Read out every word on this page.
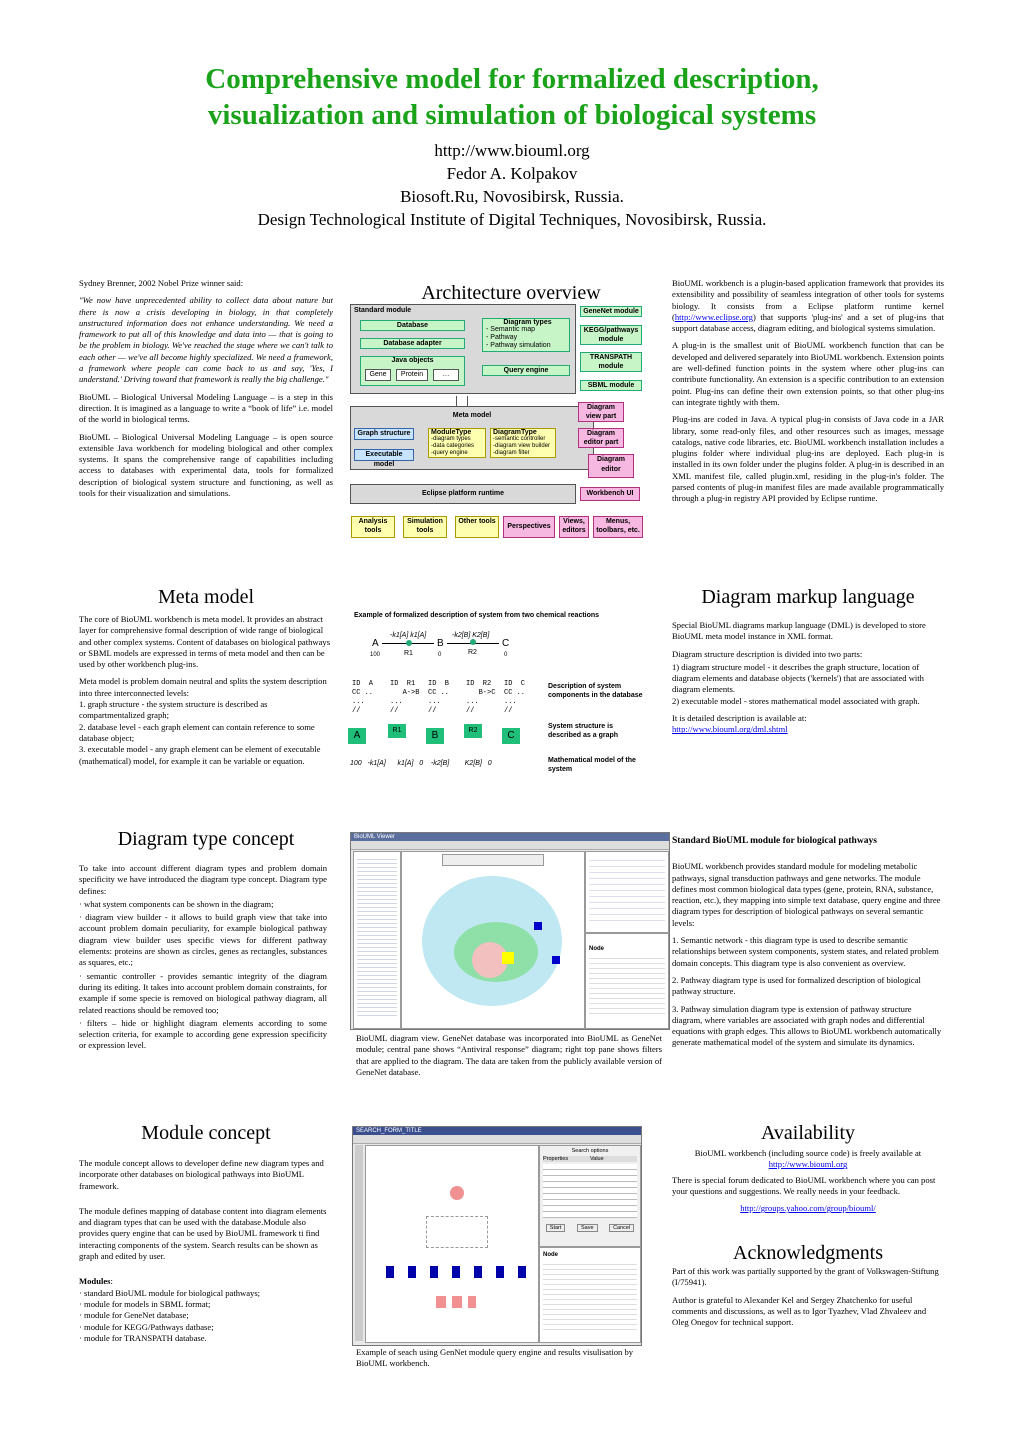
Comprehensive model for formalized description,
visualization and simulation of biological systems
http://www.biouml.org
Fedor A. Kolpakov
Biosoft.Ru, Novosibirsk, Russia.
Design Technological Institute of Digital Techniques, Novosibirsk, Russia.

Sydney Brenner, 2002 Nobel Prize winner said:

"We now have unprecedented ability to collect data about nature but there is now a crisis developing in biology, in that completely unstructured information does not enhance understanding. We need a framework to put all of this knowledge and data into — that is going to be the problem in biology. We've reached the stage where we can't talk to each other — we've all become highly specialized. We need a framework, a framework where people can come back to us and say, 'Yes, I understand.' Driving toward that framework is really the big challenge."

BioUML – Biological Universal Modeling Language – is a step in this direction. It is imagined as a language to write a “book of life” i.e. model of the world in biological terms.

BioUML – Biological Universal Modeling Language – is open source extensible Java workbench for modeling biological and other complex systems. It spans the comprehensive range of capabilities including access to databases with experimental data, tools for formalized description of biological system structure and functioning, as well as tools for their visualization and simulations.

Architecture overview
Standard module
Database
Database adapter
Java objects
Gene	Protein	…
Diagram types
- Semantic map
- Pathway
- Pathway simulation
Query engine
GeneNet module
KEGG/pathways module
TRANSPATH module
SBML module
Meta model
Graph structure
Executable model
ModuleType
-diagram types
-data categories
-query engine
DiagramType
-semantic controller
-diagram view builder
-diagram filter
Diagram view part
Diagram editor part
Diagram editor
Eclipse platform runtime	Workbench UI
Analysis tools
Simulation tools
Other tools
Perspectives
Views, editors
Menus, toolbars, etc.

BioUML workbench is a plugin-based application framework that provides its extensibility and possibility of seamless integration of other tools for systems biology. It consists from a Eclipse platform runtime kernel (http://www.eclipse.org) that supports 'plug-ins' and a set of plug-ins that support database access, diagram editing, and biological systems simulation.

A plug-in is the smallest unit of BioUML workbench function that can be developed and delivered separately into BioUML workbench. Extension points are well-defined function points in the system where other plug-ins can contribute functionality. An extension is a specific contribution to an extension point. Plug-ins can define their own extension points, so that other plug-ins can integrate tightly with them.

Plug-ins are coded in Java. A typical plug-in consists of Java code in a JAR library, some read-only files, and other resources such as images, message catalogs, native code libraries, etc. BioUML workbench installation includes a plugins folder where individual plug-ins are deployed. Each plug-in is installed in its own folder under the plugins folder. A plug-in is described in an XML manifest file, called plugin.xml, residing in the plug-in's folder. The parsed contents of plug-in manifest files are made available programmatically through a plug-in registry API provided by Eclipse runtime.

Meta model

The core of BioUML workbench is meta model. It provides an abstract layer for comprehensive formal description of wide range of biological and other complex systems. Content of databases on biological pathways or SBML models are expressed in terms of meta model and then can be used by other workbench plug-ins.

Meta model is problem domain neutral and splits the system description into three interconnected levels:
1. graph structure - the system structure is described as compartmentalized graph;
2. database level - each graph element can contain reference to some database object;
3. executable model - any graph element can be element of executable (mathematical) model, for example it can be variable or equation.
Example of formalized description of system from two chemical reactions
-k1[A] k1[A]	-k2[B] K2[B]
A	B	C
R1	R2
100	0	0
ID  A
CC ..
...
//
ID  R1
A->B
...
//
ID  B
CC ..
...
//
ID  R2
B->C
...
//
ID  C
CC ..
...
//
Description of system components in the database
A	R1	B	R2	C
System structure is described as a graph
100   -k1[A]      k1[A]   0    -k2[B]        K2[B]   0	Mathematical model of the system
Diagram markup language

Special BioUML diagrams markup language (DML) is developed to store BioUML meta model instance in XML format.

Diagram structure description is divided into two parts:

1) diagram structure model - it describes the graph structure, location of diagram elements and database objects ('kernels') that are associated with diagram elements.

2) executable model - stores mathematical model associated with graph.

It is detailed description is available at:
http://www.biouml.org/dml.shtml
Diagram type concept

To take into account different diagram types and problem domain specificity we have introduced the diagram type concept. Diagram type defines:

· what system components can be shown in the diagram;

· diagram view builder - it allows to build graph view that take into account problem domain peculiarity, for example biological pathway diagram view builder uses specific views for different pathway elements: proteins are shown as circles, genes as rectangles, substances as squares, etc.;

· semantic controller - provides semantic integrity of the diagram during its editing. It takes into account problem domain constraints, for example if some specie is removed on biological pathway diagram, all related reactions should be removed too;

· filters – hide or highlight diagram elements according to some selection criteria, for example to according gene expression specificity or expression level.

BioUML Viewer
Node
BioUML diagram view. GeneNet database was incorporated into BioUML as GeneNet module; central pane shows “Antiviral response” diagram; right top pane shows filters that are applied to the diagram. The data are taken from the publicly available version of GeneNet database.

Standard BioUML module for biological pathways

BioUML workbench provides standard module for modeling metabolic pathways, signal transduction pathways and gene networks. The module defines most common biological data types (gene, protein, RNA, substance, reaction, etc.), they mapping into simple text database, query engine and three diagram types for description of biological pathways on several semantic levels:

1. Semantic network - this diagram type is used to describe semantic relationships between system components, system states, and related problem domain concepts. This diagram type is also convenient as overview.

2. Pathway diagram type is used for formalized description of biological pathway structure.

3. Pathway simulation diagram type is extension of pathway structure diagram, where variables are associated with graph nodes and differential equations with graph edges. This allows to BioUML workbench automatically generate mathematical model of the system and simulate its dynamics.

Module concept

The module concept allows to developer define new diagram types and incorporate other databases on biological pathways into BioUML framework.

The module defines mapping of database content into diagram elements and diagram types that can be used with the database.Module also provides query engine that can be used by BioUML framework ti find interacting components of the system. Search results can be shown as graph and edited by user.

Modules:
· standard BioUML module for biological pathways;
· module for models in SBML format;
· module for GeneNet database;
· module for KEGG/Pathways datbase;
· module for TRANSPATH database.
SEARCH_FORM_TITLE
Search options
Properties	Value
Start	Save	Cancel
Node
Example of seach using GenNet module query engine and results visulisation by BioUML workbench.
Availability
BioUML workbench (including source code) is freely available at
http://www.biouml.org

There is special forum dedicated to BioUML workbench where you can post your questions and suggestions. We really needs in your feedback.

http://groups.yahoo.com/group/biouml/
Acknowledgments

Part of this work was partially supported by the grant of Volkswagen-Stiftung (I/75941).

Author is grateful to Alexander Kel and Sergey Zhatchenko for useful comments and discussions, as well as to Igor Tyazhev, Vlad Zhvaleev and Oleg Onegov for technical support.
